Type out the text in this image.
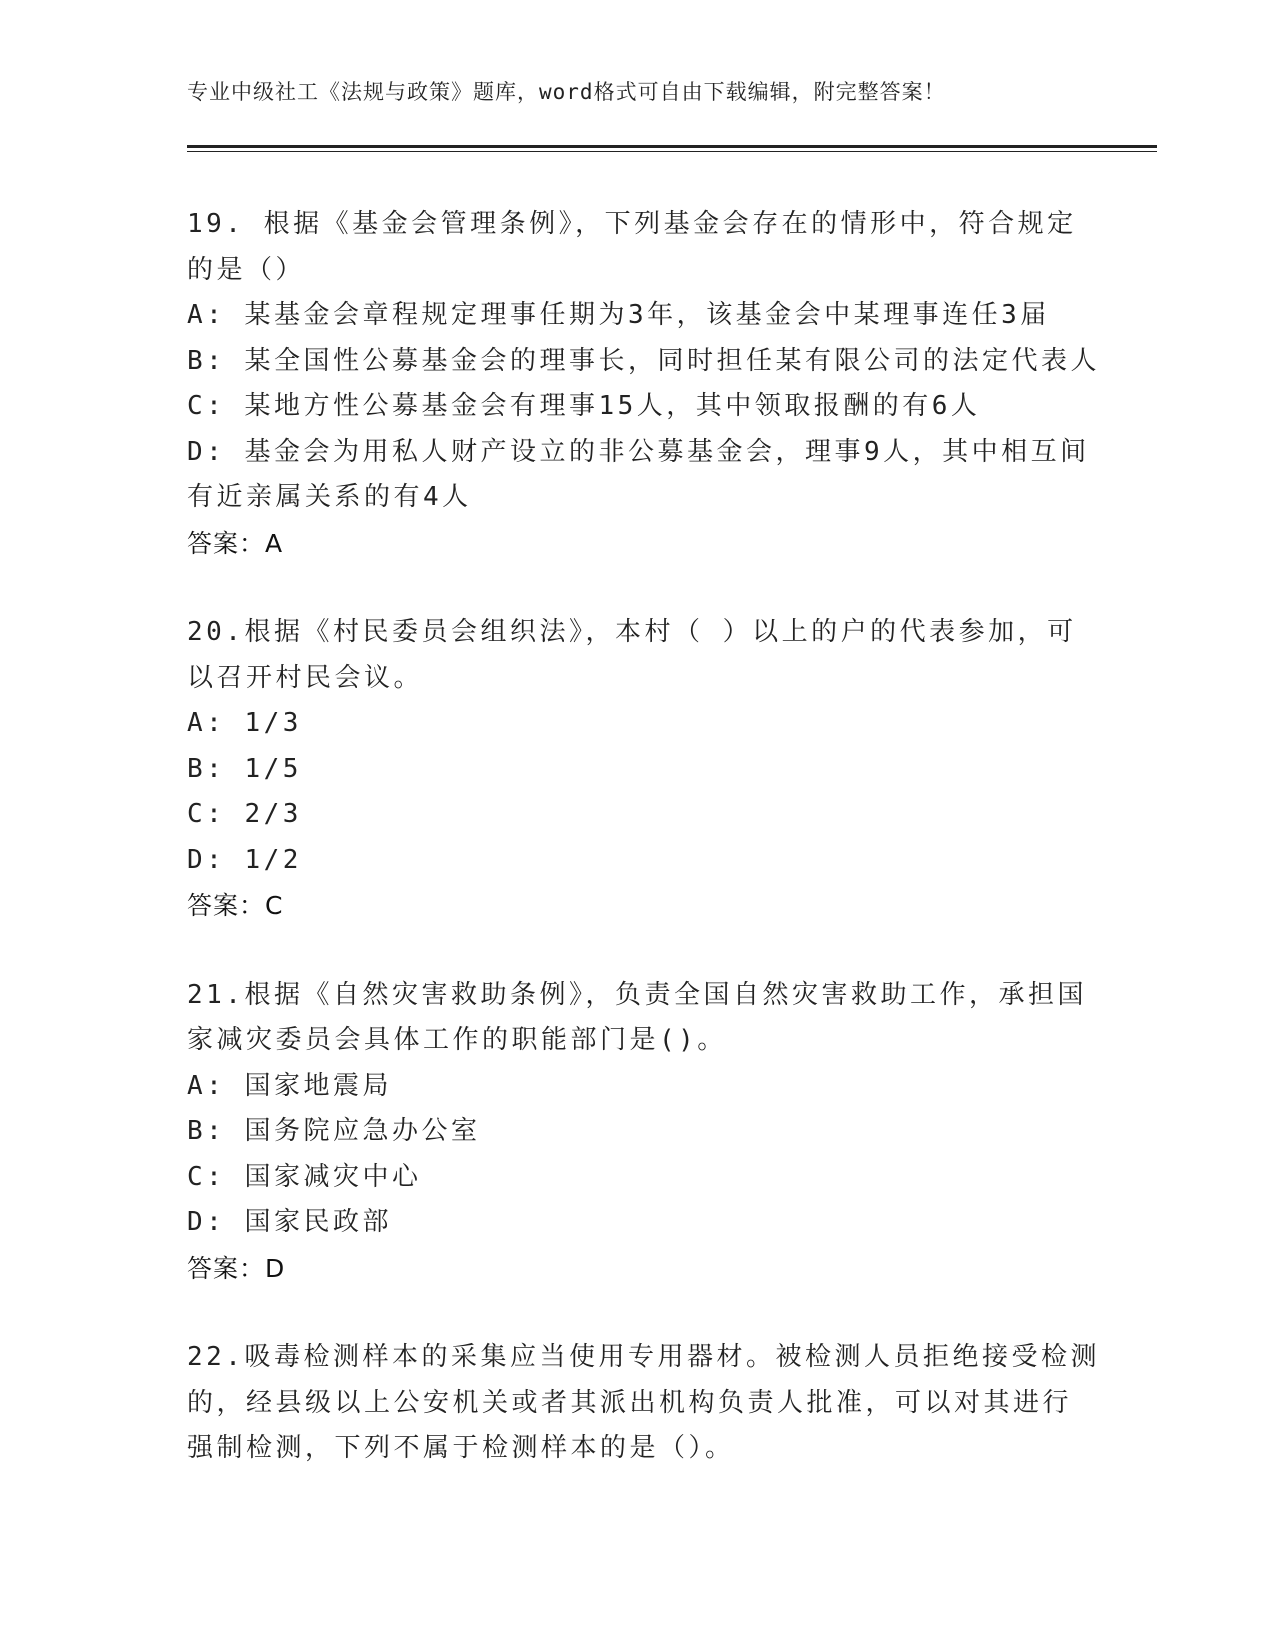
专业中级社工《法规与政策》题库，word格式可自由下载编辑，附完整答案！
19. 根据《基金会管理条例》，下列基金会存在的情形中，符合规定
的是（）
A: 某基金会章程规定理事任期为3年，该基金会中某理事连任3届
B: 某全国性公募基金会的理事长，同时担任某有限公司的法定代表人
C: 某地方性公募基金会有理事15人，其中领取报酬的有6人
D: 基金会为用私人财产设立的非公募基金会，理事9人，其中相互间
有近亲属关系的有4人
答案：A
20.根据《村民委员会组织法》，本村（ ）以上的户的代表参加，可
以召开村民会议。
A: 1/3
B: 1/5
C: 2/3
D: 1/2
答案：C
21.根据《自然灾害救助条例》，负责全国自然灾害救助工作，承担国
家减灾委员会具体工作的职能部门是()。
A: 国家地震局
B: 国务院应急办公室
C: 国家减灾中心
D: 国家民政部
答案：D
22.吸毒检测样本的采集应当使用专用器材。被检测人员拒绝接受检测
的，经县级以上公安机关或者其派出机构负责人批准，可以对其进行
强制检测，下列不属于检测样本的是（）。
